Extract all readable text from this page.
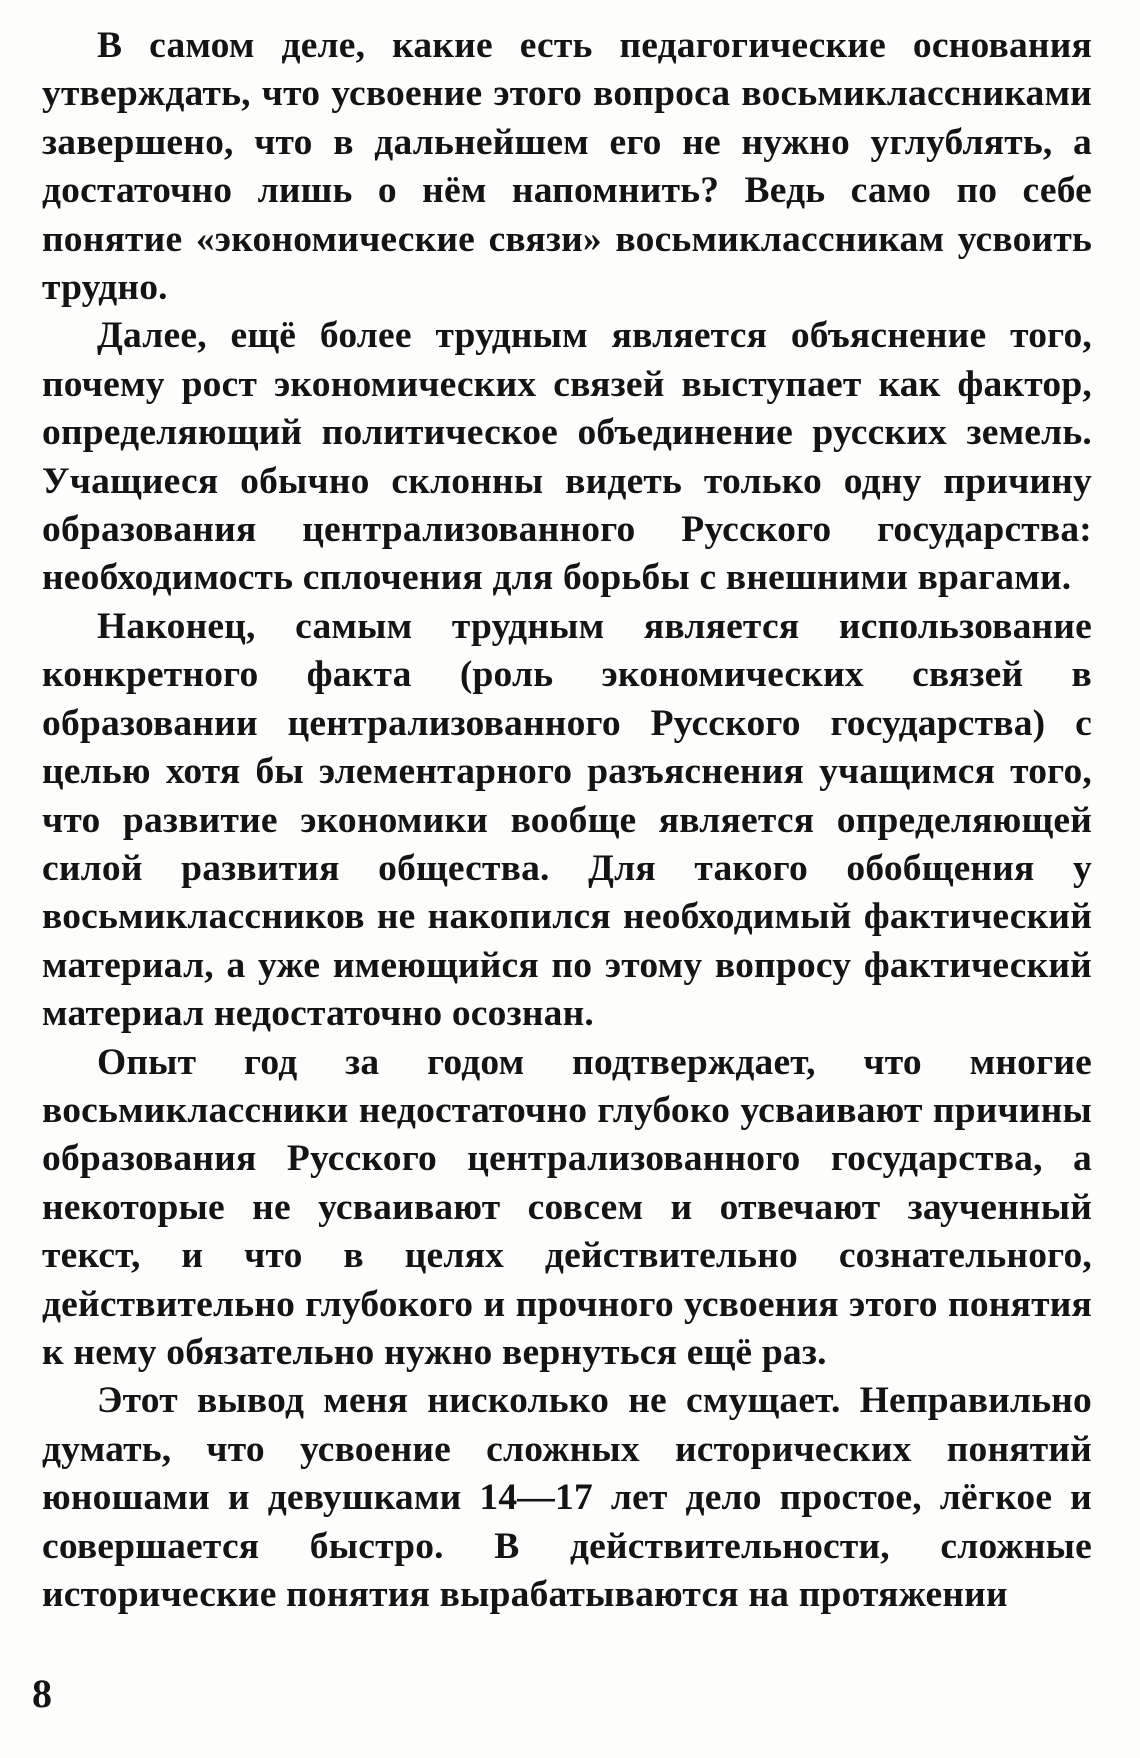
В самом деле, какие есть педагогические основания утверждать, что усвоение этого вопроса восьмиклассниками завершено, что в дальнейшем его не нужно углублять, а достаточно лишь о нём напомнить? Ведь само по себе понятие «экономические связи» восьмиклассникам усвоить трудно.

Далее, ещё более трудным является объяснение того, почему рост экономических связей выступает как фактор, определяющий политическое объединение русских земель. Учащиеся обычно склонны видеть только одну причину образования централизованного Русского государства: необходимость сплочения для борьбы с внешними врагами.

Наконец, самым трудным является использование конкретного факта (роль экономических связей в образовании централизованного Русского государства) с целью хотя бы элементарного разъяснения учащимся того, что развитие экономики вообще является определяющей силой развития общества. Для такого обобщения у восьмиклассников не накопился необходимый фактический материал, а уже имеющийся по этому вопросу фактический материал недостаточно осознан.

Опыт год за годом подтверждает, что многие восьмиклассники недостаточно глубоко усваивают причины образования Русского централизованного государства, а некоторые не усваивают совсем и отвечают заученный текст, и что в целях действительно сознательного, действительно глубокого и прочного усвоения этого понятия к нему обязательно нужно вернуться ещё раз.

Этот вывод меня нисколько не смущает. Неправильно думать, что усвоение сложных исторических понятий юношами и девушками 14—17 лет дело простое, лёгкое и совершается быстро. В действительности, сложные исторические понятия вырабатываются на протяжении

8
